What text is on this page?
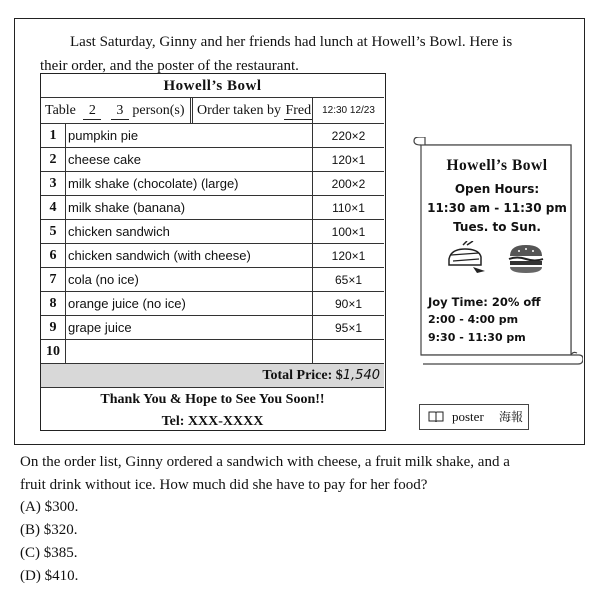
Last Saturday, Ginny and her friends had lunch at Howell’s Bowl. Here is
their order, and the poster of the restaurant.
Howell’s Bowl
Table 2 3 person(s) Order taken by Fred	12:30 12/23
1 pumpkin pie	220×2
2 cheese cake	120×1
3 milk shake (chocolate) (large)	200×2
4 milk shake (banana)	110×1
5 chicken sandwich	100×1
6 chicken sandwich (with cheese)	120×1
7 cola (no ice)	65×1
8 orange juice (no ice)	90×1
9 grape juice	95×1
10
Total Price: $1,540
Thank You & Hope to See You Soon!!
Tel: XXX-XXXX
Howell’s Bowl
Open Hours:
11:30 am - 11:30 pm
Tues. to Sun.
Joy Time: 20% off
2:00 - 4:00 pm
9:30 - 11:30 pm
poster 海報
On the order list, Ginny ordered a sandwich with cheese, a fruit milk shake, and a
fruit drink without ice. How much did she have to pay for her food?
(A) $300.
(B) $320.
(C) $385.
(D) $410.
